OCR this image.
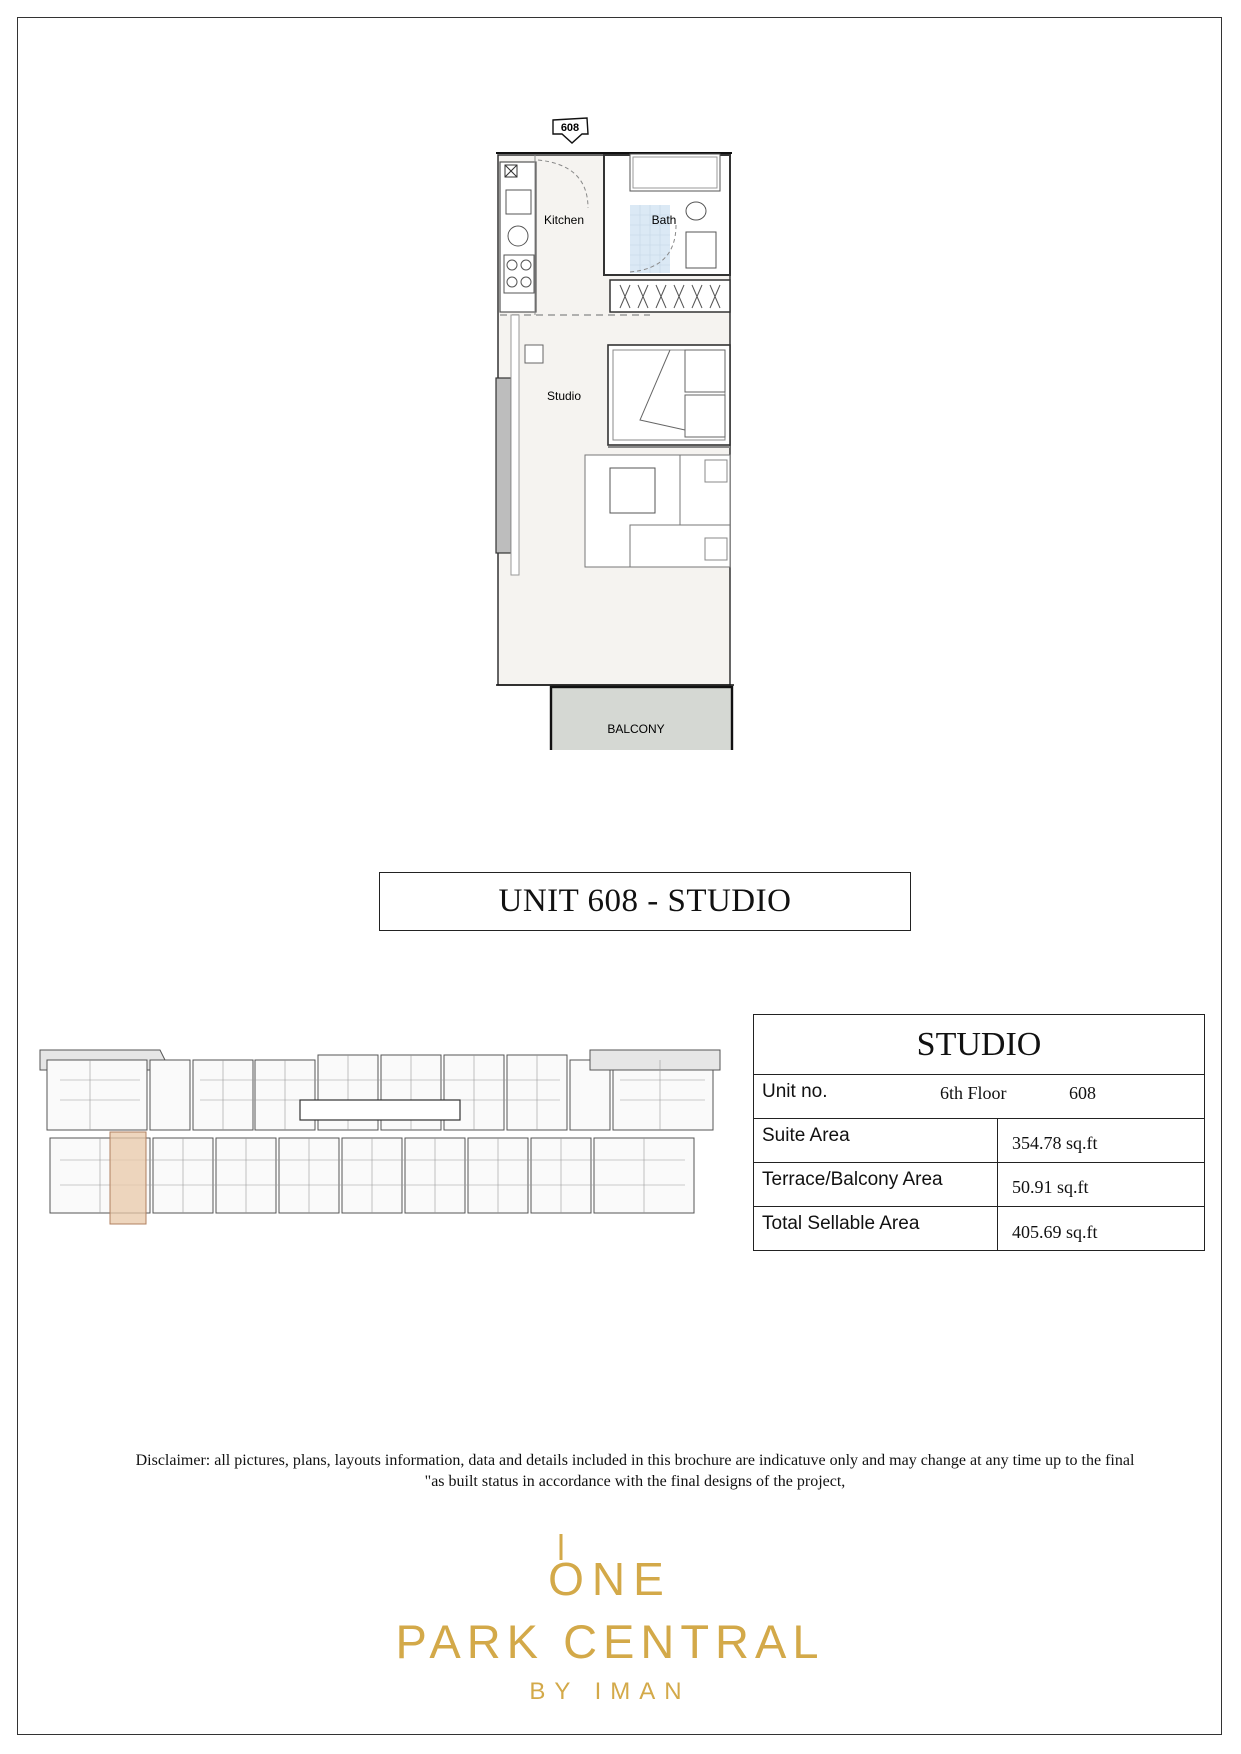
608
Kitchen	Bath
Studio
BALCONY
UNIT 608 - STUDIO
STUDIO
Unit no.	6th Floor	608
Suite Area	354.78 sq.ft
Terrace/Balcony Area	50.91 sq.ft
Total Sellable Area	405.69 sq.ft
Disclaimer: all pictures, plans, layouts information, data and details included in this brochure are indicatuve only and may change at any time up to the final
"as built status in accordance with the final designs of the project,
ONE
PARK CENTRAL
BY IMAN
